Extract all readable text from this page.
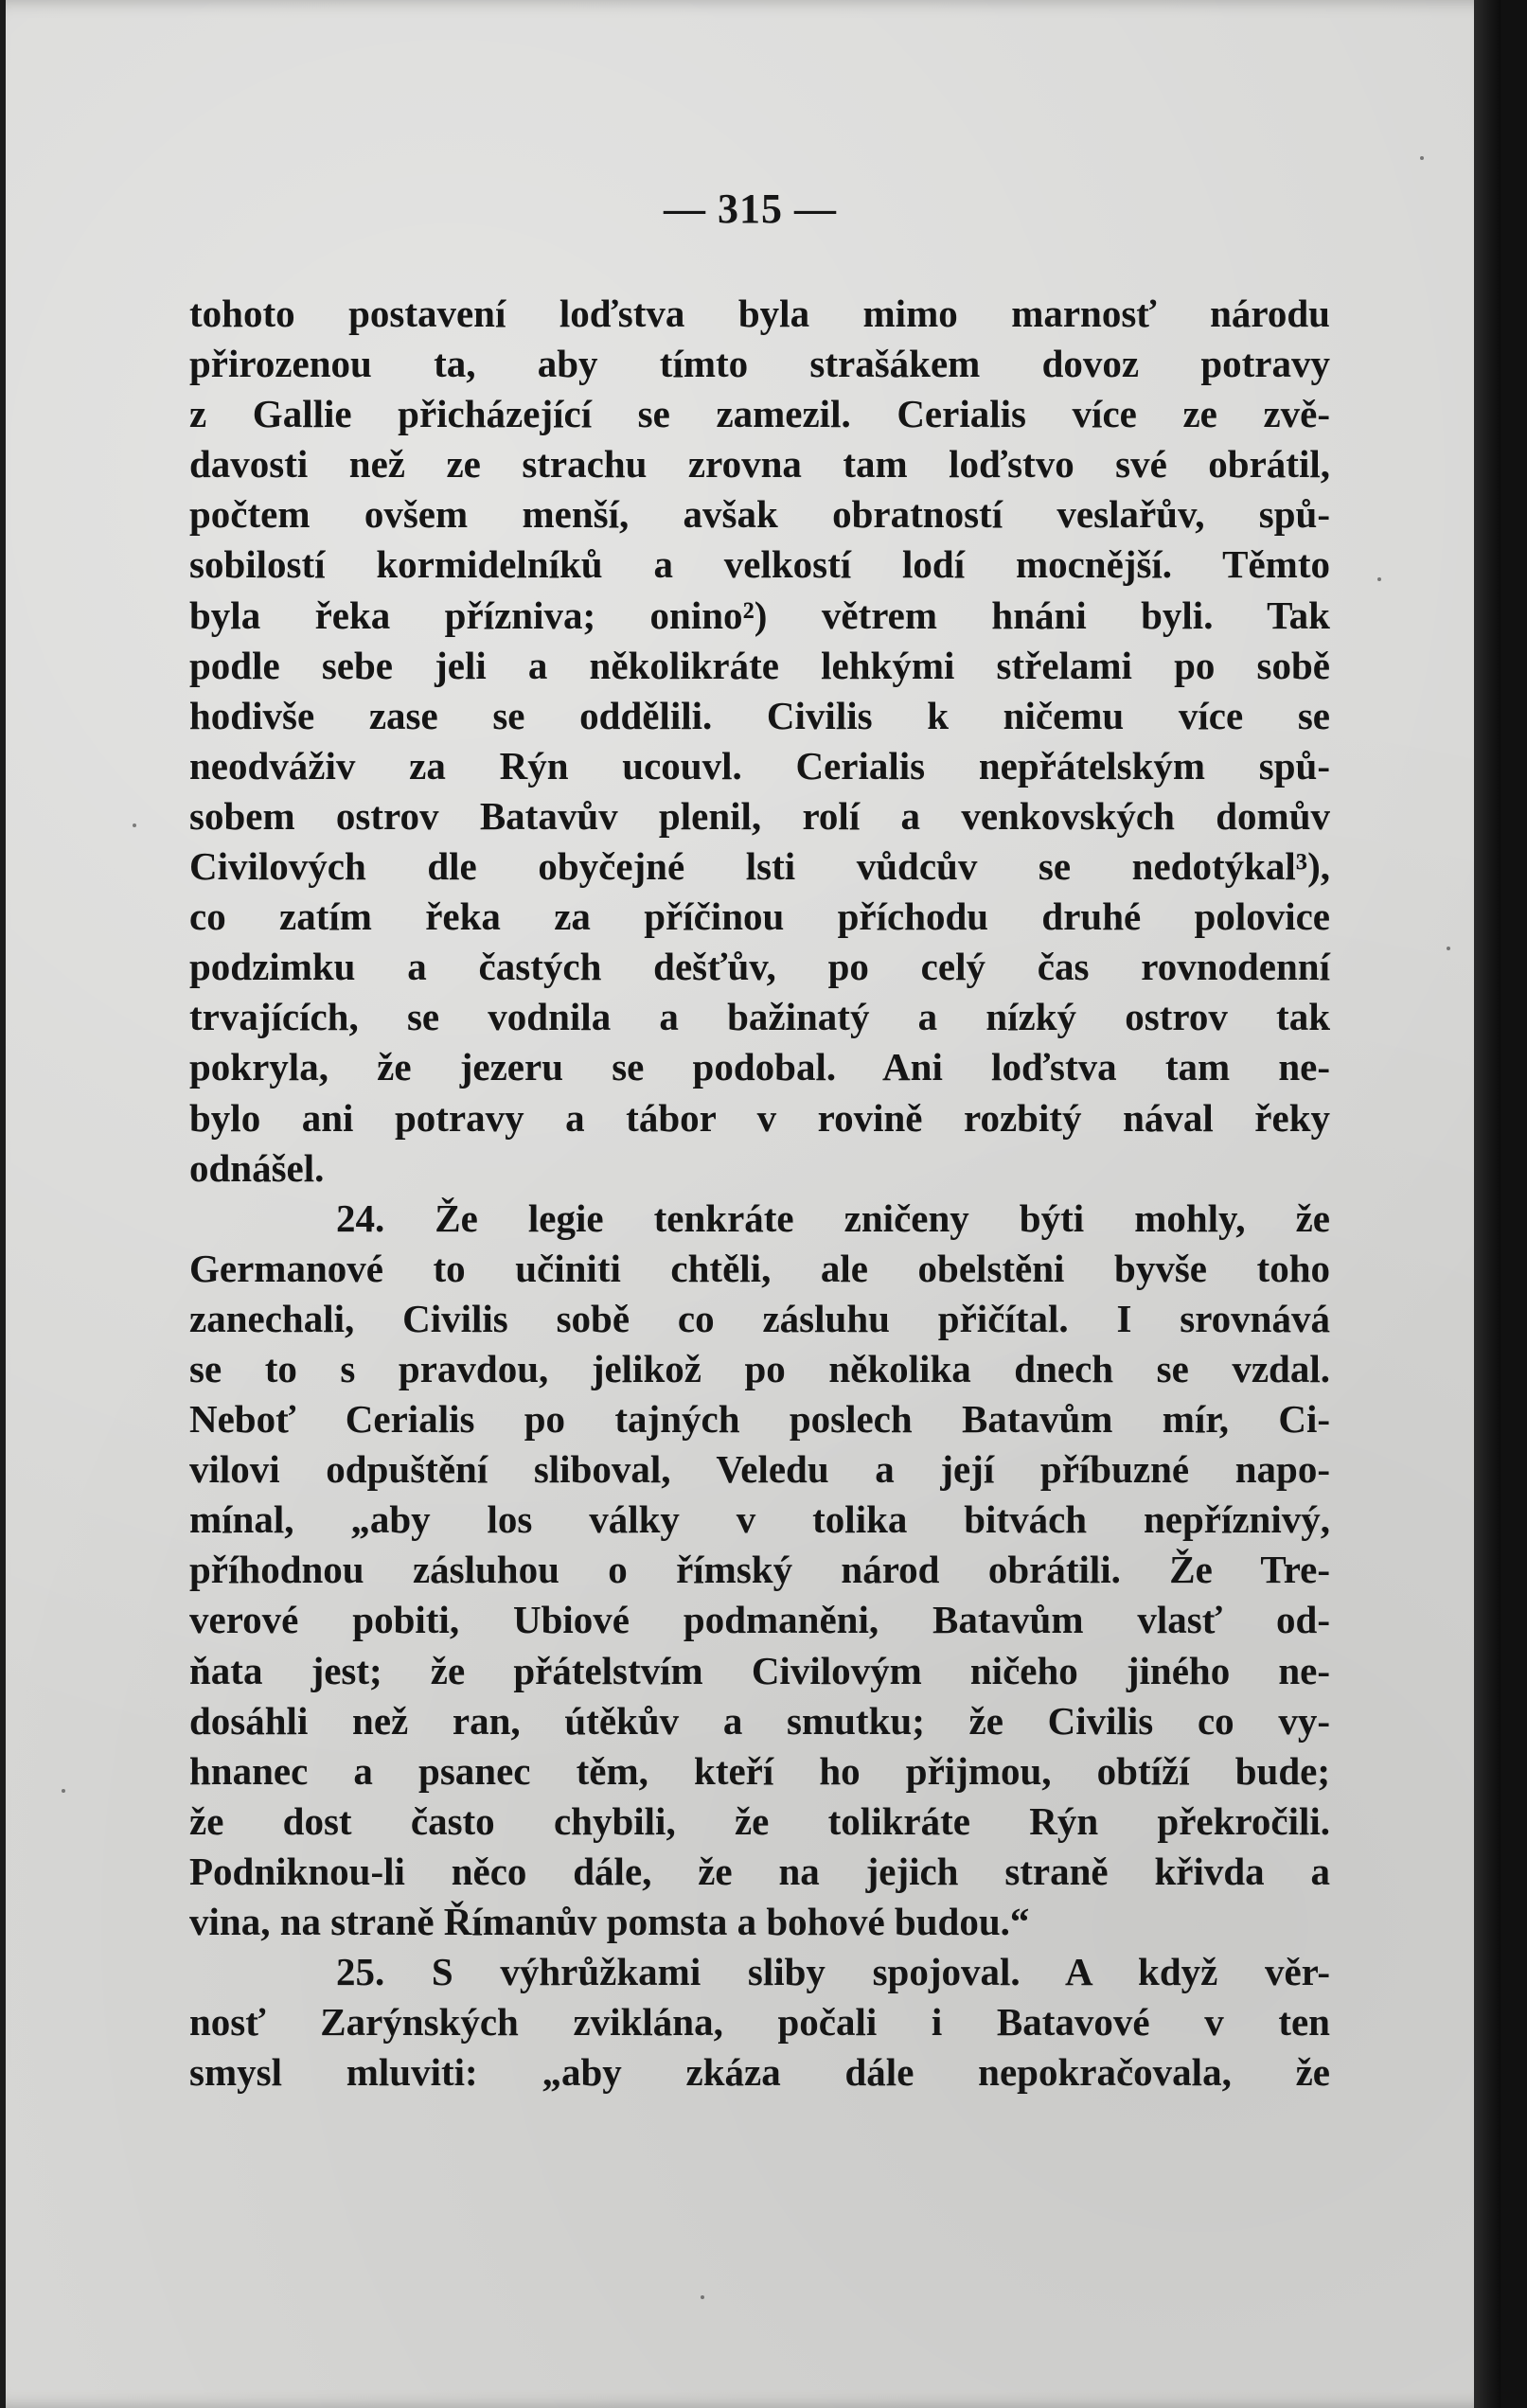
— 315 —
tohoto postavení loďstva byla mimo marnosť národu
přirozenou ta, aby tímto strašákem dovoz potravy
z Gallie přicházející se zamezil. Cerialis více ze zvě-
davosti než ze strachu zrovna tam loďstvo své obrátil,
počtem ovšem menší, avšak obratností veslařův, spů-
sobilostí kormidelníků a velkostí lodí mocnější. Těmto
byla řeka přízniva; onino²) větrem hnáni byli. Tak
podle sebe jeli a několikráte lehkými střelami po sobě
hodivše zase se oddělili. Civilis k ničemu více se
neodváživ za Rýn ucouvl. Cerialis nepřátelským spů-
sobem ostrov Batavův plenil, rolí a venkovských domův
Civilových dle obyčejné lsti vůdcův se nedotýkal³),
co zatím řeka za příčinou příchodu druhé polovice
podzimku a častých dešťův, po celý čas rovnodenní
trvajících, se vodnila a bažinatý a nízký ostrov tak
pokryla, že jezeru se podobal. Ani loďstva tam ne-
bylo ani potravy a tábor v rovině rozbitý nával řeky
odnášel.
24. Že legie tenkráte zničeny býti mohly, že
Germanové to učiniti chtěli, ale obelstěni byvše toho
zanechali, Civilis sobě co zásluhu přičítal. I srovnává
se to s pravdou, jelikož po několika dnech se vzdal.
Neboť Cerialis po tajných poslech Batavům mír, Ci-
vilovi odpuštění sliboval, Veledu a její příbuzné napo-
mínal, „aby los války v tolika bitvách nepříznivý,
příhodnou zásluhou o římský národ obrátili. Že Tre-
verové pobiti, Ubiové podmaněni, Batavům vlasť od-
ňata jest; že přátelstvím Civilovým ničeho jiného ne-
dosáhli než ran, útěkův a smutku; že Civilis co vy-
hnanec a psanec těm, kteří ho přijmou, obtíží bude;
že dost často chybili, že tolikráte Rýn překročili.
Podniknou-li něco dále, že na jejich straně křivda a
vina, na straně Římanův pomsta a bohové budou.“
25. S výhrůžkami sliby spojoval. A když věr-
nosť Zarýnských zviklána, počali i Batavové v ten
smysl mluviti: „aby zkáza dále nepokračovala, že
